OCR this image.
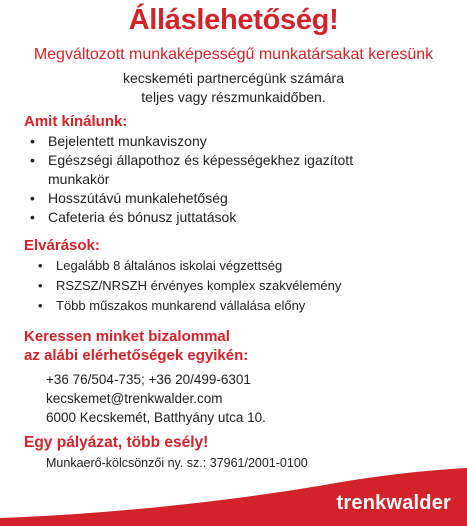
Álláslehetőség!
Megváltozott munkaképességű munkatársakat keresünk
kecskeméti partnercégünk számára
teljes vagy részmunkaidőben.
Amit kínálunk:
• Bejelentett munkaviszony
• Egészségi állapothoz és képességekhez igazított
munkakör
• Hosszútávú munkalehetőség
• Cafeteria és bónusz juttatások
Elvárások:
• Legalább 8 általános iskolai végzettség
• RSZSZ/NRSZH érvényes komplex szakvélemény
• Több műszakos munkarend vállalása előny
Keressen minket bizalommal
az alábi elérhetőségek egyikén:
+36 76/504-735; +36 20/499-6301
kecskemet@trenkwalder.com
6000 Kecskemét, Batthyány utca 10.
Egy pályázat, több esély!
Munkaerő-kölcsönzői ny. sz.: 37961/2001-0100
trenkwalder
